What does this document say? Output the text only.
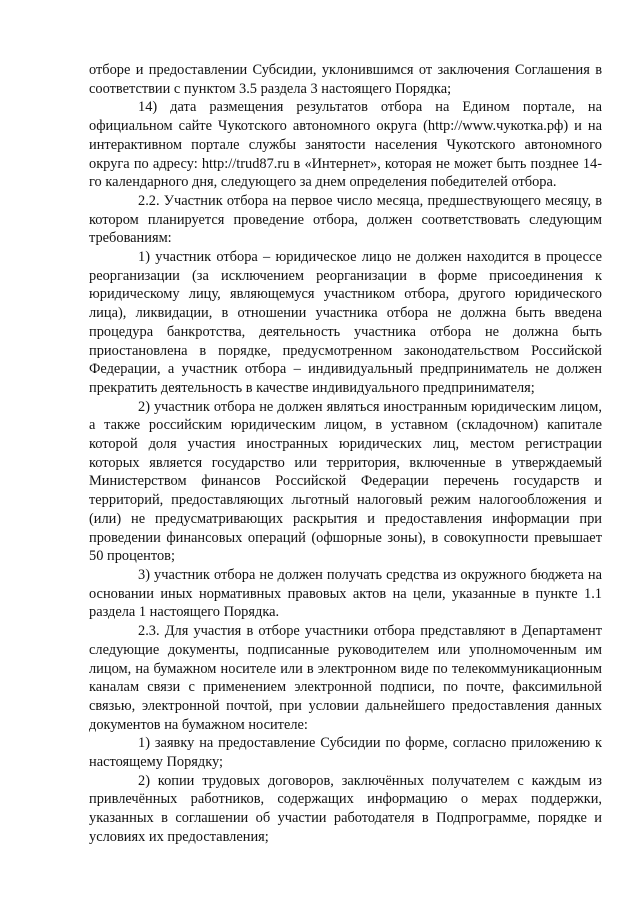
отборе и предоставлении Субсидии, уклонившимся от заключения Соглашения в соответствии с пунктом 3.5 раздела 3 настоящего Порядка;

14) дата размещения результатов отбора на Едином портале, на официальном сайте Чукотского автономного округа (http://www.чукотка.рф) и на интерактивном портале службы занятости населения Чукотского автономного округа по адресу: http://trud87.ru в «Интернет», которая не может быть позднее 14-го календарного дня, следующего за днем определения победителей отбора.

2.2. Участник отбора на первое число месяца, предшествующего месяцу, в котором планируется проведение отбора, должен соответствовать следующим требованиям:

1) участник отбора – юридическое лицо не должен находится в процессе реорганизации (за исключением реорганизации в форме присоединения к юридическому лицу, являющемуся участником отбора, другого юридического лица), ликвидации, в отношении участника отбора не должна быть введена процедура банкротства, деятельность участника отбора не должна быть приостановлена в порядке, предусмотренном законодательством Российской Федерации, а участник отбора – индивидуальный предприниматель не должен прекратить деятельность в качестве индивидуального предпринимателя;

2) участник отбора не должен являться иностранным юридическим лицом, а также российским юридическим лицом, в уставном (складочном) капитале которой доля участия иностранных юридических лиц, местом регистрации которых является государство или территория, включенные в утверждаемый Министерством финансов Российской Федерации перечень государств и территорий, предоставляющих льготный налоговый режим налогообложения и (или) не предусматривающих раскрытия и предоставления информации при проведении финансовых операций (офшорные зоны), в совокупности превышает 50 процентов;

3) участник отбора не должен получать средства из окружного бюджета на основании иных нормативных правовых актов на цели, указанные в пункте 1.1 раздела 1 настоящего Порядка.

2.3. Для участия в отборе участники отбора представляют в Департамент следующие документы, подписанные руководителем или уполномоченным им лицом, на бумажном носителе или в электронном виде по телекоммуникационным каналам связи с применением электронной подписи, по почте, факсимильной связью, электронной почтой, при условии дальнейшего предоставления данных документов на бумажном носителе:

1) заявку на предоставление Субсидии по форме, согласно приложению к настоящему Порядку;

2) копии трудовых договоров, заключённых получателем с каждым из привлечённых работников, содержащих информацию о мерах поддержки, указанных в соглашении об участии работодателя в Подпрограмме, порядке и условиях их предоставления;
